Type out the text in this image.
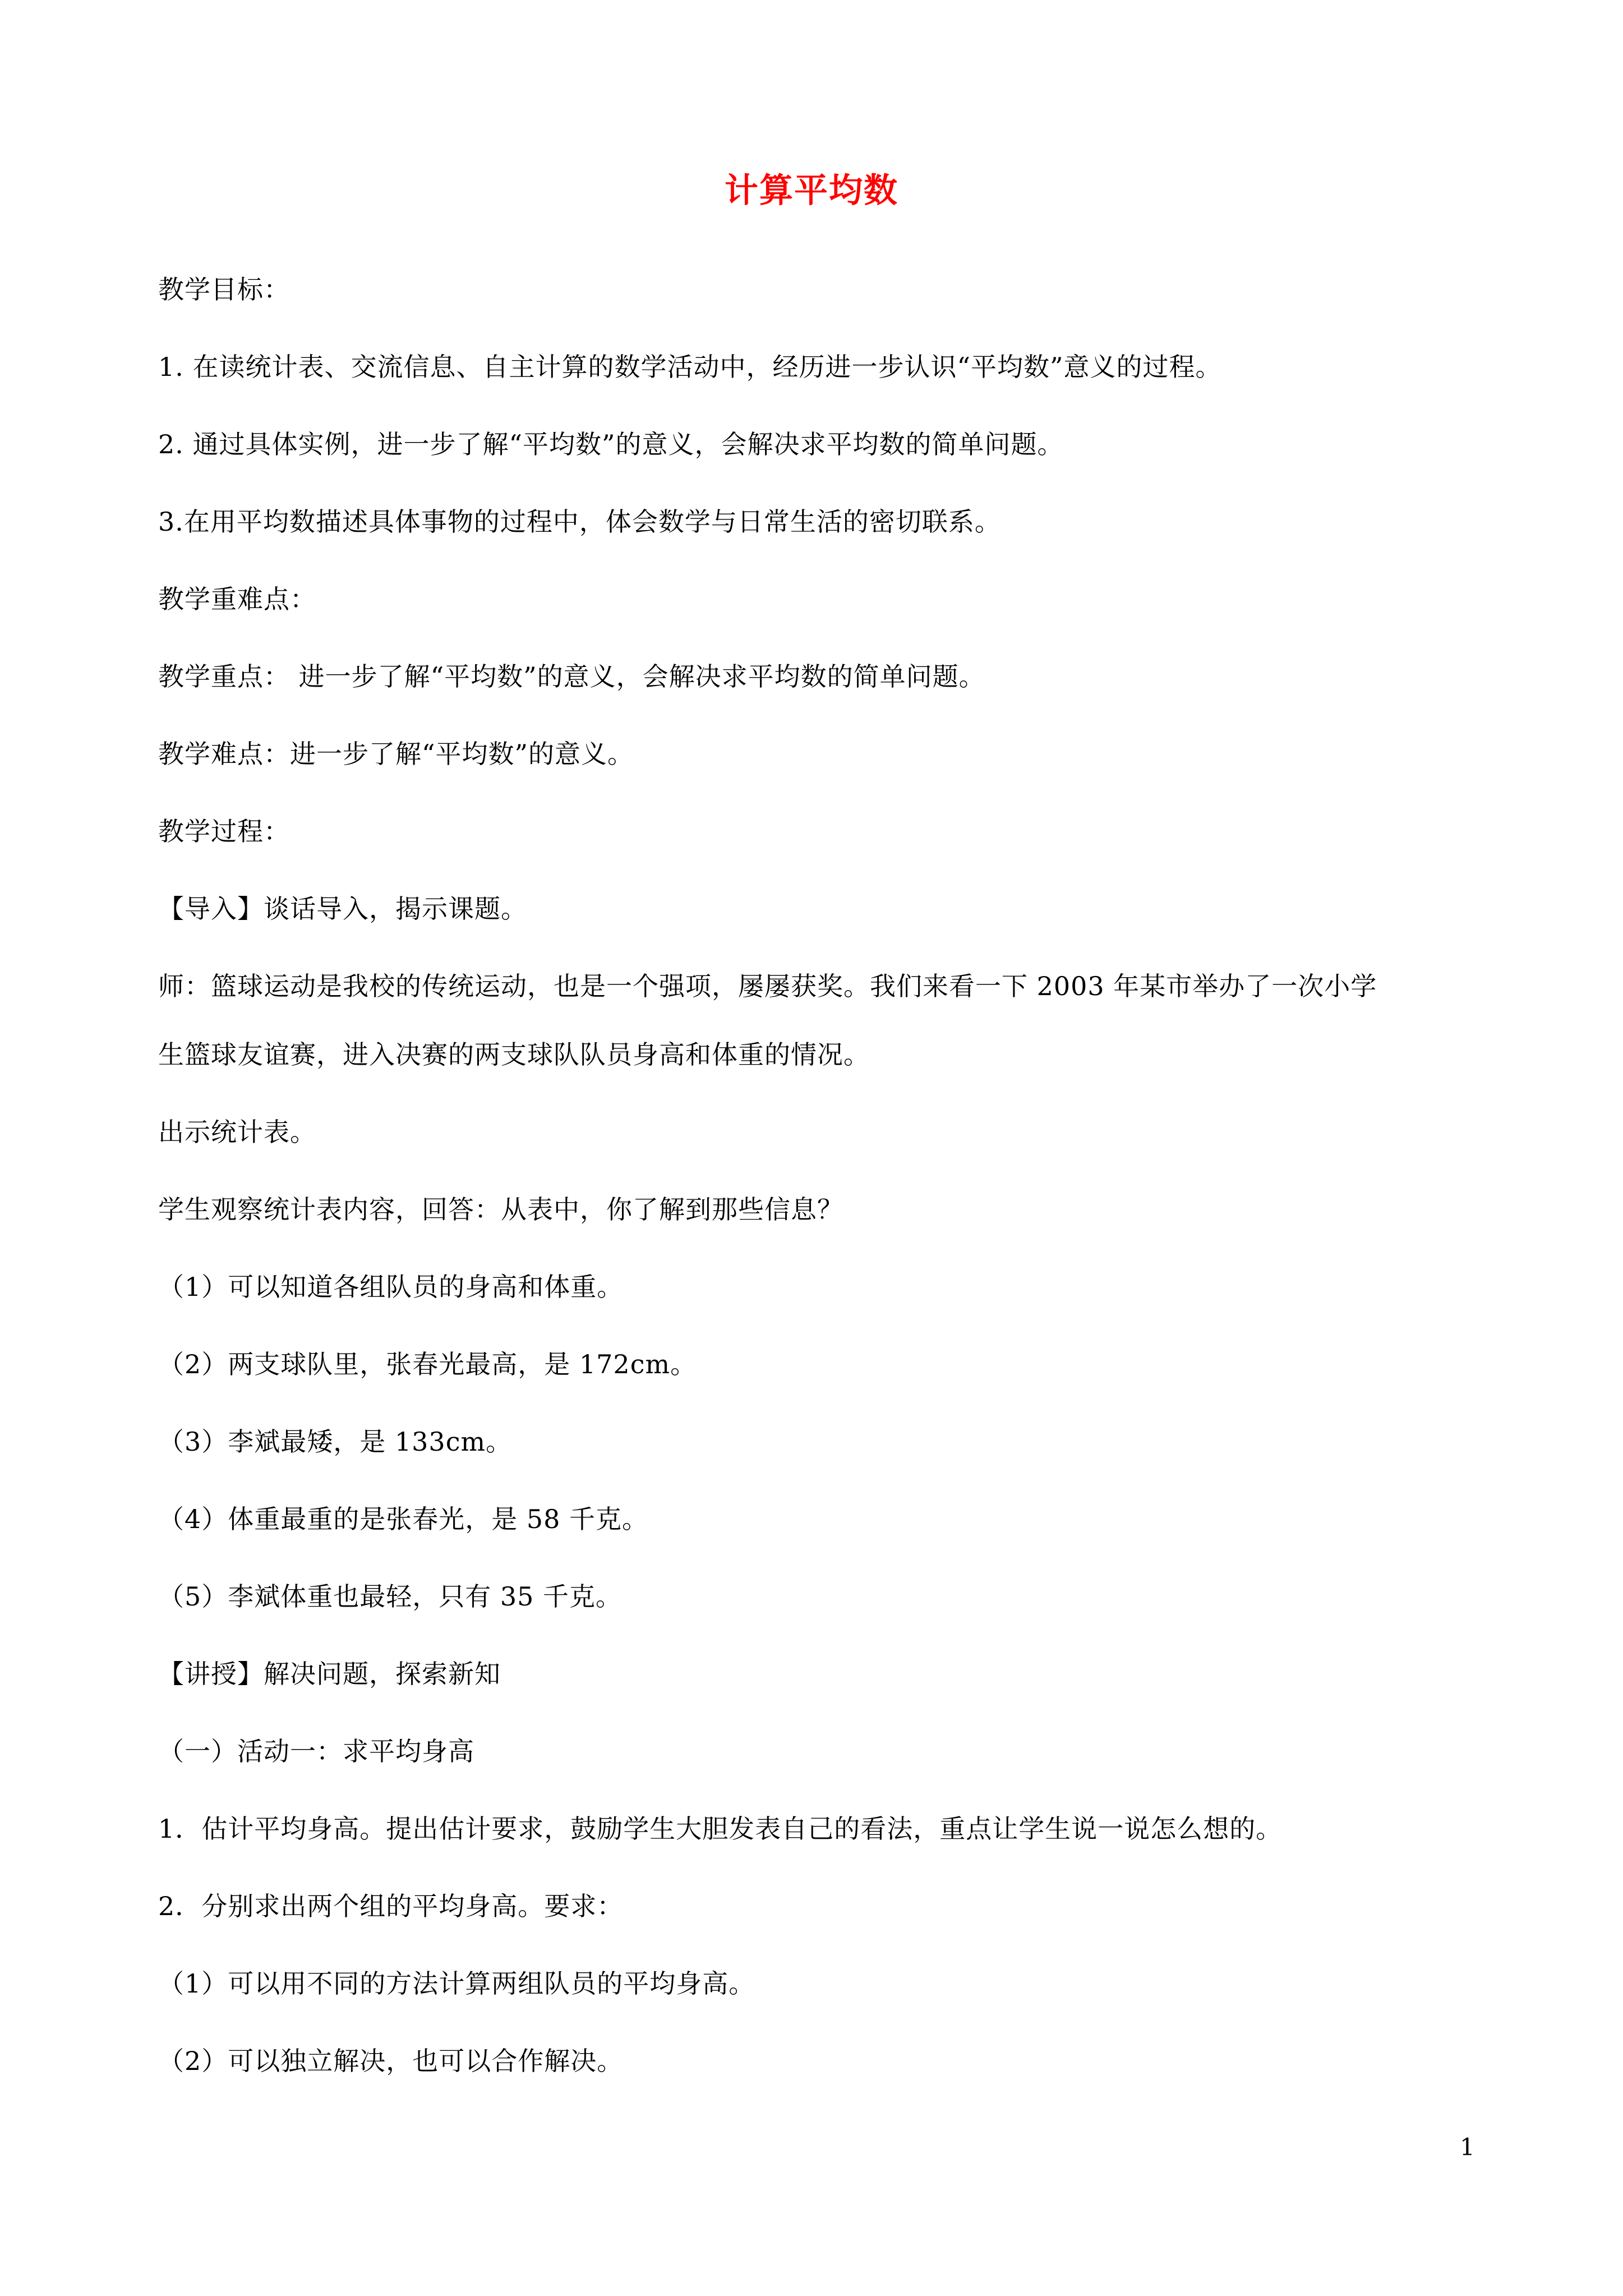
计算平均数
教学目标：
1. 在读统计表、交流信息、自主计算的数学活动中，经历进一步认识“平均数”意义的过程。
2. 通过具体实例，进一步了解“平均数”的意义，会解决求平均数的简单问题。
3.在用平均数描述具体事物的过程中，体会数学与日常生活的密切联系。
教学重难点：
教学重点： 进一步了解“平均数”的意义，会解决求平均数的简单问题。
教学难点：进一步了解“平均数”的意义。
教学过程：
【导入】谈话导入，揭示课题。
师：篮球运动是我校的传统运动，也是一个强项，屡屡获奖。我们来看一下 2003 年某市举办了一次小学
生篮球友谊赛，进入决赛的两支球队队员身高和体重的情况。
出示统计表。
学生观察统计表内容，回答：从表中，你了解到那些信息？
（1）可以知道各组队员的身高和体重。
（2）两支球队里，张春光最高，是 172cm。
（3）李斌最矮，是 133cm。
（4）体重最重的是张春光，是 58 千克。
（5）李斌体重也最轻，只有 35 千克。
【讲授】解决问题，探索新知
（一）活动一：求平均身高
1．估计平均身高。提出估计要求，鼓励学生大胆发表自己的看法，重点让学生说一说怎么想的。
2．分别求出两个组的平均身高。要求：
（1）可以用不同的方法计算两组队员的平均身高。
（2）可以独立解决，也可以合作解决。
1
